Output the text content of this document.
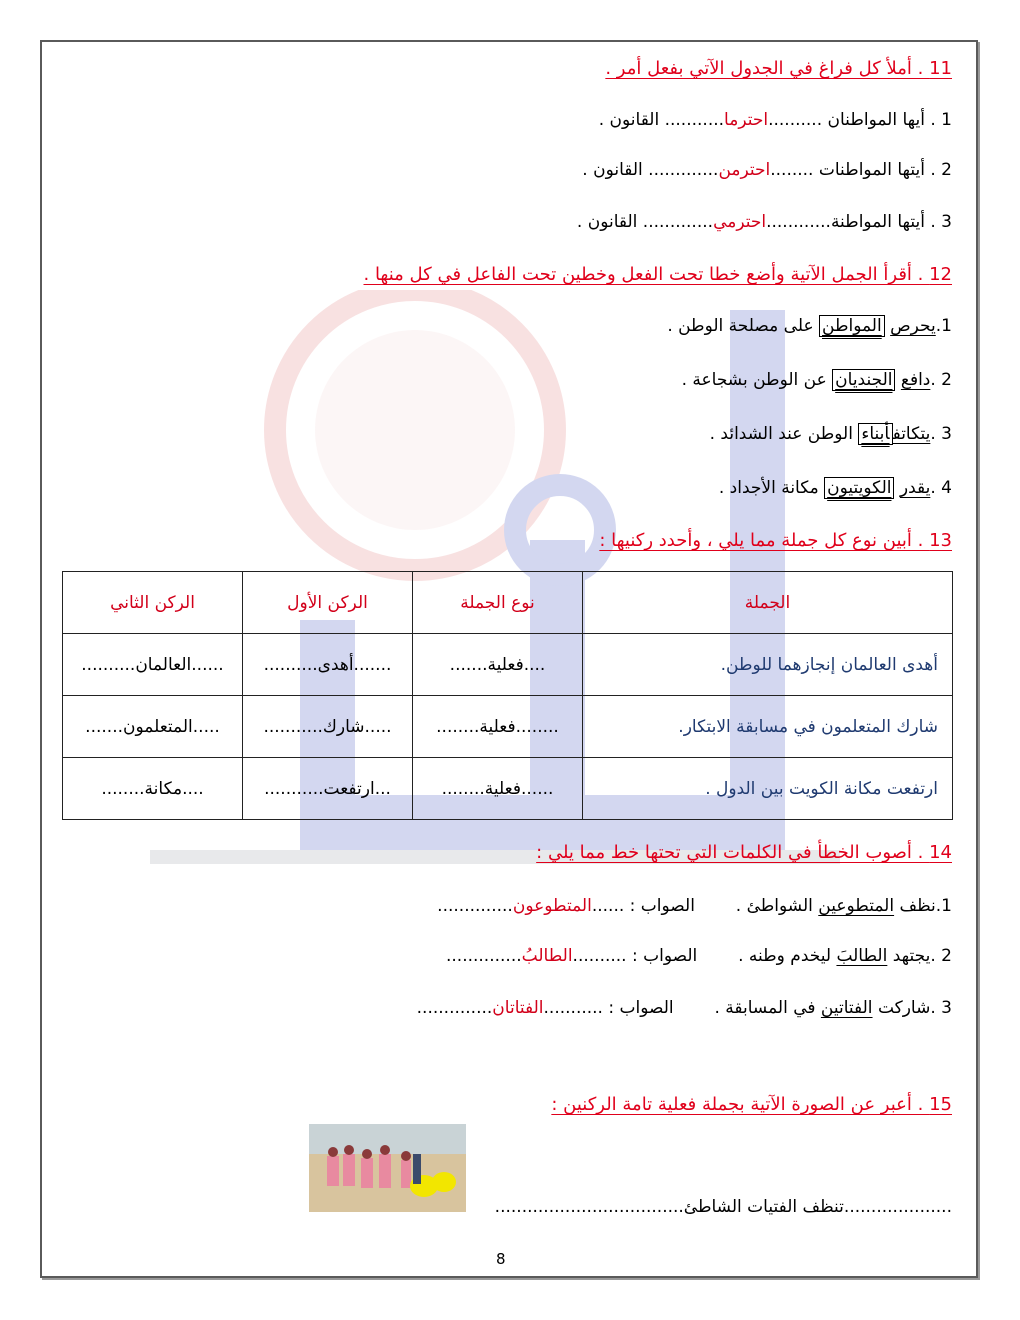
11 . أملأ كل فراغ في الجدول الآتي بفعل أمر .
1 . أيها المواطنان ..........احترما........... القانون .
2 . أيتها المواطنات ........احترمن............. القانون .
3 . أيتها المواطنة............احترمي............. القانون .
12 . أقرأ الجمل الآتية وأضع خطا تحت الفعل وخطين تحت الفاعل في كل منها .
1.يحرص المواطن على مصلحة الوطن .
2 .دافع الجنديان عن الوطن بشجاعة .
3 .يتكاتفأبناء الوطن عند الشدائد .
4 .يقدر الكويتيون مكانة الأجداد .
13 . أبين نوع كل جملة مما يلي ، وأحدد ركنيها :
الجملة	نوع الجملة	الركن الأول	الركن الثاني
أهدى العالمان إنجازهما للوطن.	....فعلية.......	.......أهدى..........	......العالمان..........
شارك المتعلمون في مسابقة الابتكار.	........فعلية........	.....شارك...........	.....المتعلمون.......
ارتفعت مكانة الكويت بين الدول .	......فعلية........	...ارتفعت...........	....مكانة........
14 . أصوب الخطأ في الكلمات التي تحتها خط مما يلي :
1.نظف المتطوعين الشواطئ .  الصواب : ......المتطوعون..............
2 .يجتهد الطالبَ ليخدم وطنه .  الصواب : ..........الطالبُ..............
3 .شاركت الفتاتين في المسابقة .  الصواب : ...........الفتاتان..............
15 . أعبر عن الصورة الآتية بجملة فعلية تامة الركنين :
....................تنظف الفتيات الشاطئ...................................
8
